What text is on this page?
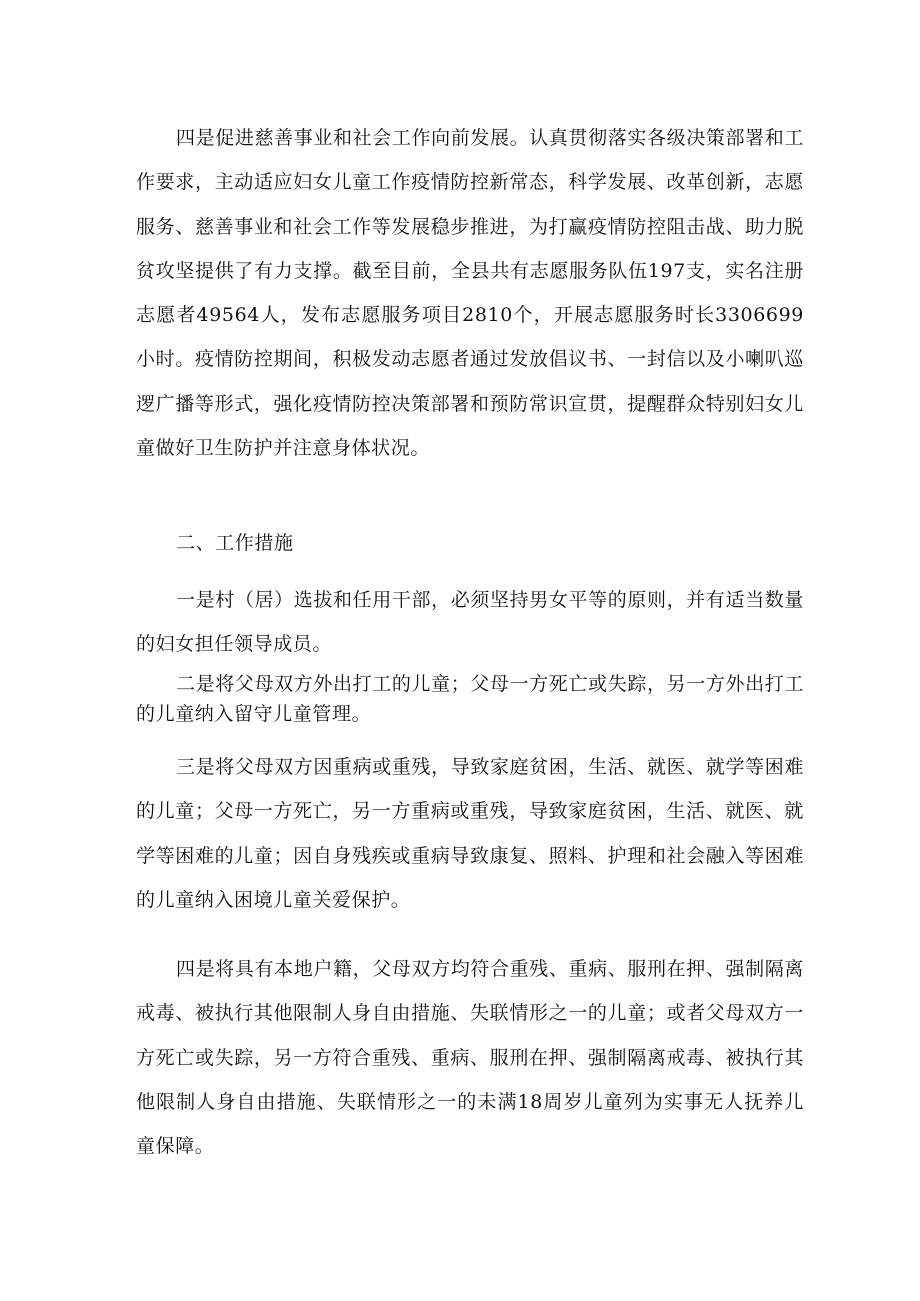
四是促进慈善事业和社会工作向前发展。认真贯彻落实各级决策部署和工作要求，主动适应妇女儿童工作疫情防控新常态，科学发展、改革创新，志愿服务、慈善事业和社会工作等发展稳步推进，为打赢疫情防控阻击战、助力脱贫攻坚提供了有力支撑。截至目前，全县共有志愿服务队伍197支，实名注册志愿者49564人，发布志愿服务项目2810个，开展志愿服务时长3306699小时。疫情防控期间，积极发动志愿者通过发放倡议书、一封信以及小喇叭巡逻广播等形式，强化疫情防控决策部署和预防常识宣贯，提醒群众特别妇女儿童做好卫生防护并注意身体状况。

二、工作措施

一是村（居）选拔和任用干部，必须坚持男女平等的原则，并有适当数量的妇女担任领导成员。

二是将父母双方外出打工的儿童；父母一方死亡或失踪，另一方外出打工的儿童纳入留守儿童管理。

三是将父母双方因重病或重残，导致家庭贫困，生活、就医、就学等困难的儿童；父母一方死亡，另一方重病或重残，导致家庭贫困，生活、就医、就学等困难的儿童；因自身残疾或重病导致康复、照料、护理和社会融入等困难的儿童纳入困境儿童关爱保护。

四是将具有本地户籍，父母双方均符合重残、重病、服刑在押、强制隔离戒毒、被执行其他限制人身自由措施、失联情形之一的儿童；或者父母双方一方死亡或失踪，另一方符合重残、重病、服刑在押、强制隔离戒毒、被执行其他限制人身自由措施、失联情形之一的未满18周岁儿童列为实事无人抚养儿童保障。
